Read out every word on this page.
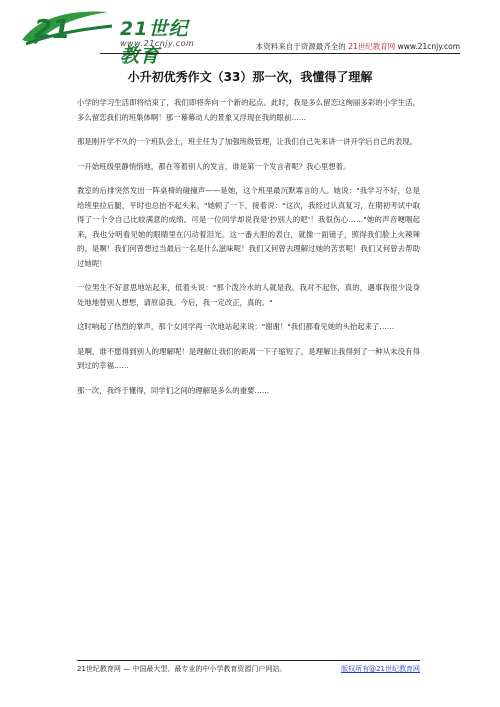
21	21世纪教育
www.21cnjy.com	本资料来自于资源最齐全的 21世纪教育网 www.21cnjy.com
小升初优秀作文（33）那一次，我懂得了理解

小学的学习生活即将结束了，我们即将奔向一个新的起点。此时，我是多么留恋这绚丽多彩的小学生活，多么留恋我们的班集体啊！那一幕幕动人的景象又浮现在我的眼前……

那是刚开学不久的一个班队会上，班主任为了加强班级管理，让我们自己先来讲一讲开学后自己的表现。

一开始班级里静悄悄地，都在等着别人的发言，谁是第一个发言者呢？我心里想着。

教室的后排突然发出一阵桌椅的碰撞声——是她，这个班里最沉默寡言的人。她说："我学习不好，总是给班里拉后腿，平时也总抬不起头来。"她顿了一下，接着说："这次，我经过认真复习，在期初考试中取得了一个令自己比较满意的成绩。可是一位同学却说我是'抄别人的吧'！我很伤心……"她的声音哽咽起来，我也分明看见她的眼睛里在闪动着泪光。这一番大胆的表白，就像一面镜子，照得我们脸上火辣辣的。是啊！我们何曾想过当最后一名是什么滋味呢！我们又何曾去理解过她的苦衷呢！我们又何曾去帮助过她呢！

一位男生不好意思地站起来，低着头说："那个泼冷水的人就是我。我对不起你，真的，遇事我很少设身处地地替别人想想，请原谅我。今后，我一定改正，真的。"

这时响起了热烈的掌声，那个女同学再一次地站起来说："谢谢！"我们都看见她的头抬起来了……

是啊，谁不愿得到别人的理解呢！是理解让我们的距离一下子缩短了，是理解让我得到了一种从未没有得到过的幸福……

那一次，我终于懂得，同学们之间的理解是多么的重要……

21世纪教育网 — 中国最大型、最专业的中小学教育资源门户网站。	版权所有@21世纪教育网
